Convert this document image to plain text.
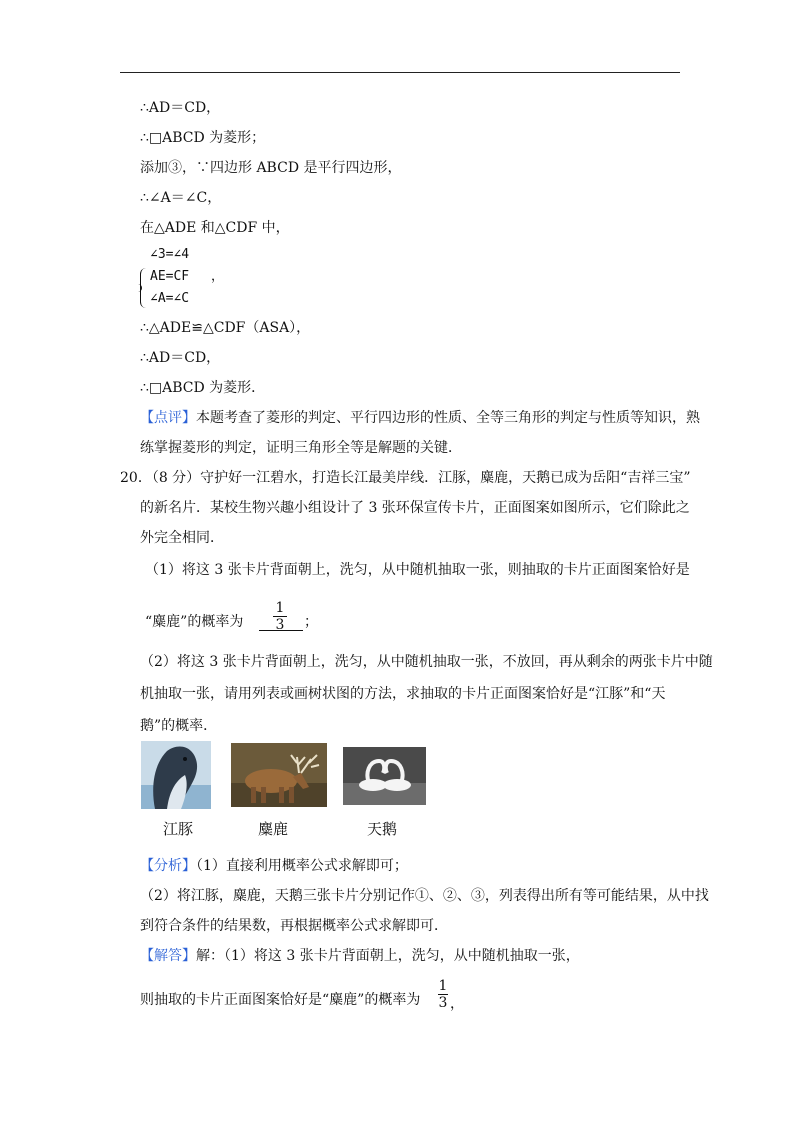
∴AD＝CD，
∴□ABCD 为菱形；
添加③，∵四边形 ABCD 是平行四边形，
∴∠A＝∠C，
在△ADE 和△CDF 中，
∠3=∠4
AE=CF ，
∠A=∠C
∴△ADE≌△CDF（ASA），
∴AD＝CD，
∴□ABCD 为菱形．
【点评】本题考查了菱形的判定、平行四边形的性质、全等三角形的判定与性质等知识，熟
练掌握菱形的判定，证明三角形全等是解题的关键．
20．（8 分）守护好一江碧水，打造长江最美岸线．江豚，麋鹿，天鹅已成为岳阳“吉祥三宝”
的新名片．某校生物兴趣小组设计了 3 张环保宣传卡片，正面图案如图所示，它们除此之
外完全相同．
（1）将这 3 张卡片背面朝上，洗匀，从中随机抽取一张，则抽取的卡片正面图案恰好是
“麋鹿”的概率为
1
3 ；
（2）将这 3 张卡片背面朝上，洗匀，从中随机抽取一张，不放回，再从剩余的两张卡片中随
机抽取一张，请用列表或画树状图的方法，求抽取的卡片正面图案恰好是“江豚”和“天
鹅”的概率．
江豚	麋鹿	天鹅
【分析】（1）直接利用概率公式求解即可；
（2）将江豚，麋鹿，天鹅三张卡片分别记作①、②、③，列表得出所有等可能结果，从中找
到符合条件的结果数，再根据概率公式求解即可．
【解答】解：（1）将这 3 张卡片背面朝上，洗匀，从中随机抽取一张，
则抽取的卡片正面图案恰好是“麋鹿”的概率为
1
3 ，
